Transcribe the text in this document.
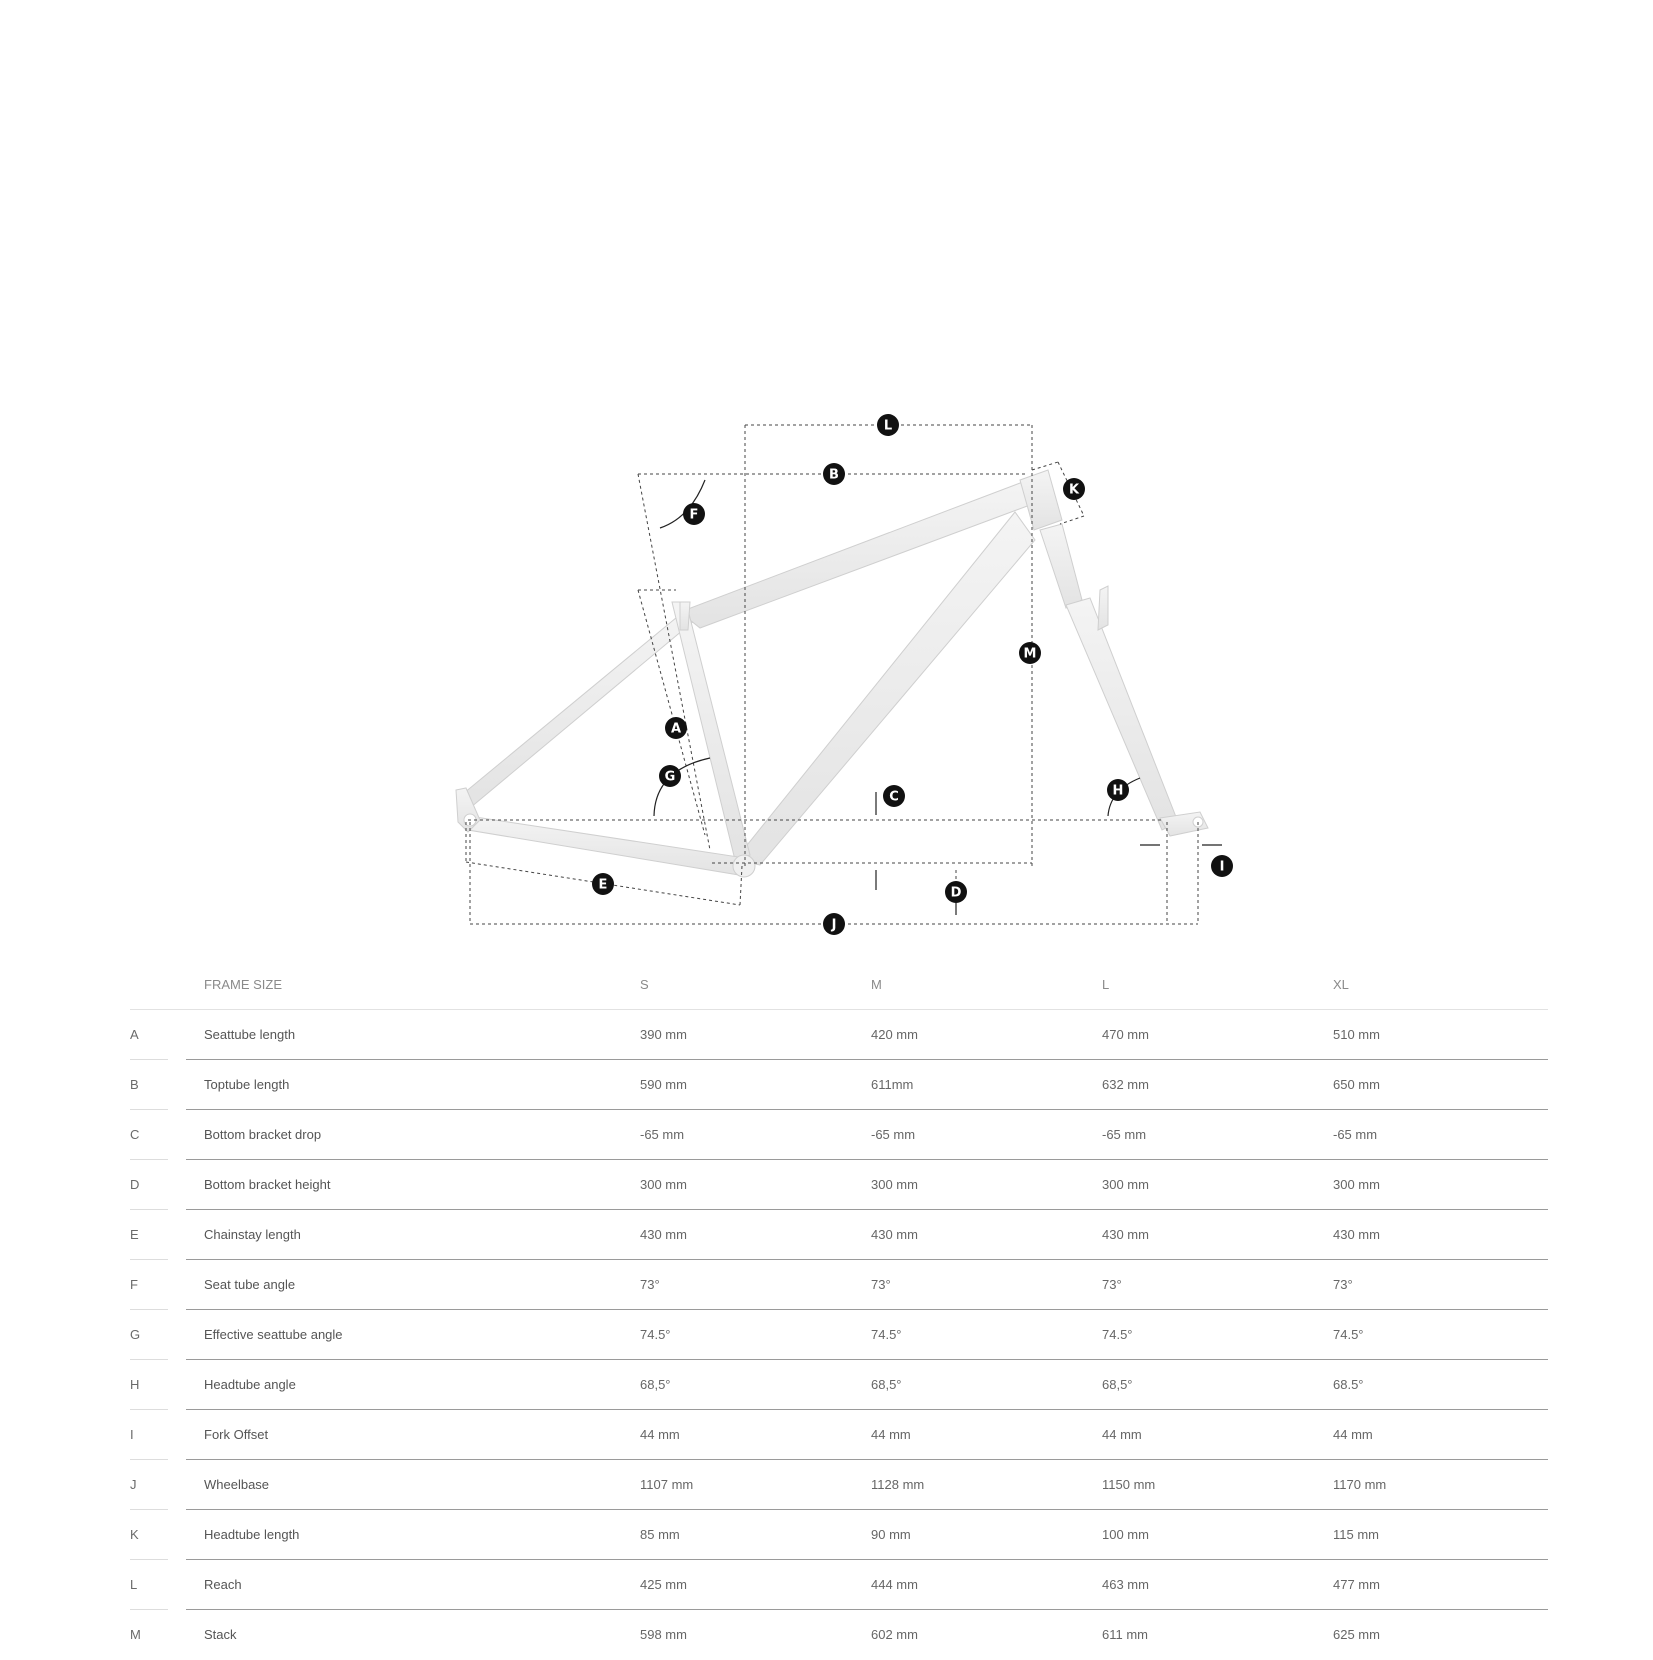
A
B
C
D
E
F
G
H
I
J
K
L
M
FRAME SIZE	S	M	L	XL
A	Seattube length	390 mm	420 mm	470 mm	510 mm
B	Toptube length	590 mm	611mm	632 mm	650 mm
C	Bottom bracket drop	-65 mm	-65 mm	-65 mm	-65 mm
D	Bottom bracket height	300 mm	300 mm	300 mm	300 mm
E	Chainstay length	430 mm	430 mm	430 mm	430 mm
F	Seat tube angle	73°	73°	73°	73°
G	Effective seattube angle	74.5°	74.5°	74.5°	74.5°
H	Headtube angle	68,5°	68,5°	68,5°	68.5°
I	Fork Offset	44 mm	44 mm	44 mm	44 mm
J	Wheelbase	1107 mm	1128 mm	1150 mm	1170 mm
K	Headtube length	85 mm	90 mm	100 mm	115 mm
L	Reach	425 mm	444 mm	463 mm	477 mm
M	Stack	598 mm	602 mm	611 mm	625 mm
